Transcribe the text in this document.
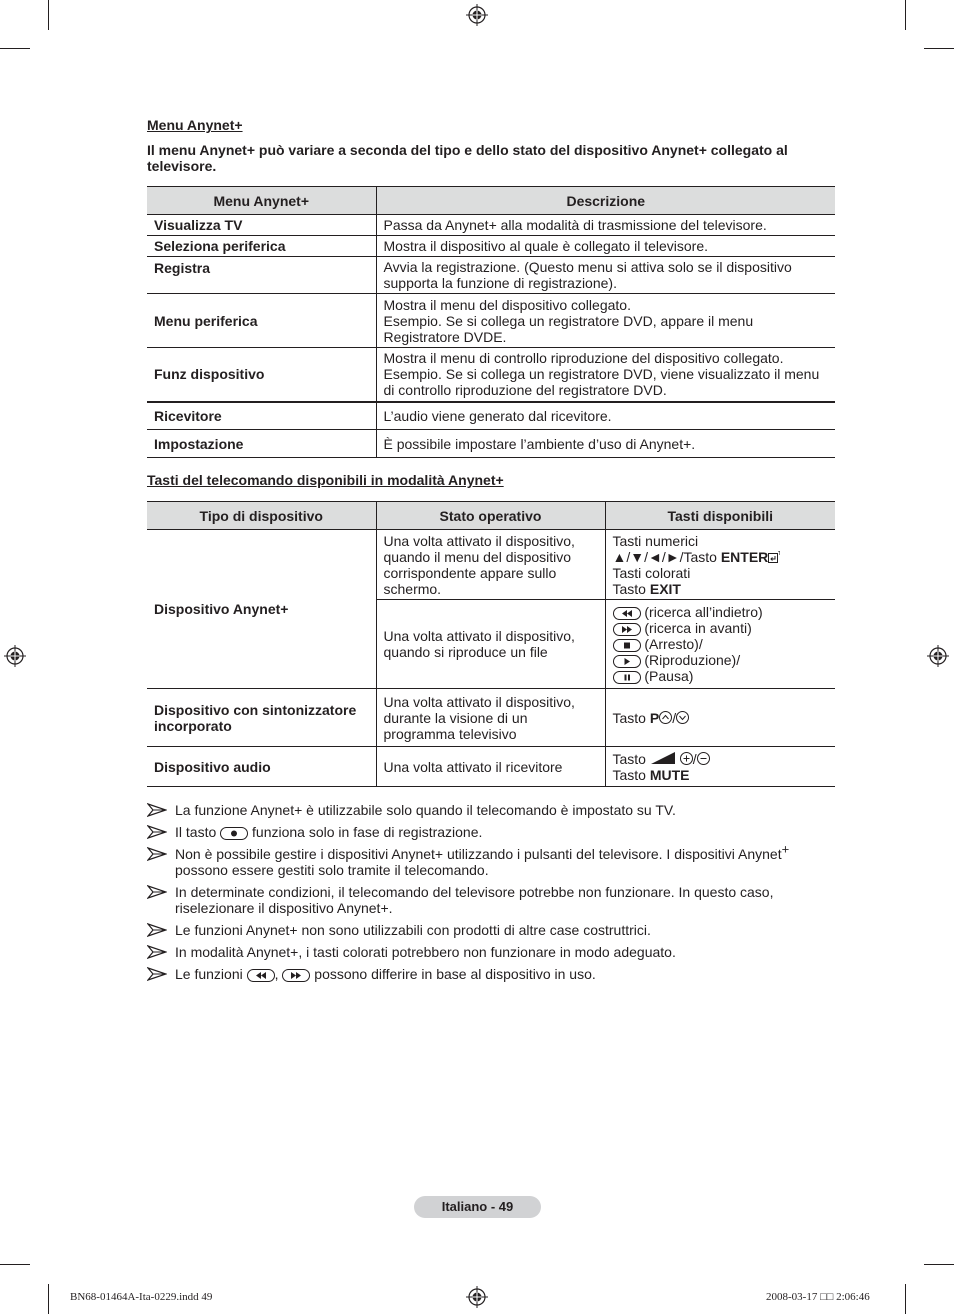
Menu Anynet+
Il menu Anynet+ può variare a seconda del tipo e dello stato del dispositivo Anynet+ collegato al televisore.
Menu Anynet+	Descrizione
Visualizza TV	Passa da Anynet+ alla modalità di trasmissione del televisore.
Seleziona periferica	Mostra il dispositivo al quale è collegato il televisore.
Registra	Avvia la registrazione. (Questo menu si attiva solo se il dispositivo supporta la funzione di registrazione).
Menu periferica	Mostra il menu del dispositivo collegato.
Esempio. Se si collega un registratore DVD, appare il menu Registratore DVDE.

Funz dispositivo	Mostra il menu di controllo riproduzione del dispositivo collegato.
Esempio. Se si collega un registratore DVD, viene visualizzato il menu di controllo riproduzione del registratore DVD.

Ricevitore	L’audio viene generato dal ricevitore.
Impostazione	È possibile impostare l’ambiente d’uso di Anynet+.
Tasti del telecomando disponibili in modalità Anynet+
Tipo di dispositivo	Stato operativo	Tasti disponibili
Dispositivo Anynet+	Una volta attivato il dispositivo, quando il menu del dispositivo corrispondente appare sullo schermo.	Tasti numerici
▲/▼/◄/►/Tasto ENTER
Tasti colorati
Tasto EXIT

	Una volta attivato il dispositivo, quando si riproduce un file	(ricerca all’indietro)
(ricerca in avanti)
(Arresto)/
(Riproduzione)/
(Pausa)

Dispositivo con sintonizzatore incorporato	Una volta attivato il dispositivo, durante la visione di un programma televisivo	Tasto P /
Dispositivo audio	Una volta attivato il ricevitore	Tasto /
Tasto MUTE
La funzione Anynet+ è utilizzabile solo quando il telecomando è impostato su TV.
Il tasto	funziona solo in fase di registrazione.
Non è possibile gestire i dispositivi Anynet+ utilizzando i pulsanti del televisore. I dispositivi Anynet+ possono essere gestiti solo tramite il telecomando.
In determinate condizioni, il telecomando del televisore potrebbe non funzionare. In questo caso, riselezionare il dispositivo Anynet+.
Le funzioni Anynet+ non sono utilizzabili con prodotti di altre case costruttrici.
In modalità Anynet+, i tasti colorati potrebbero non funzionare in modo adeguato.
Le funzioni ,	possono differire in base al dispositivo in uso.
Italiano - 49
BN68-01464A-Ita-0229.indd 49	2008-03-17 □□ 2:06:46
